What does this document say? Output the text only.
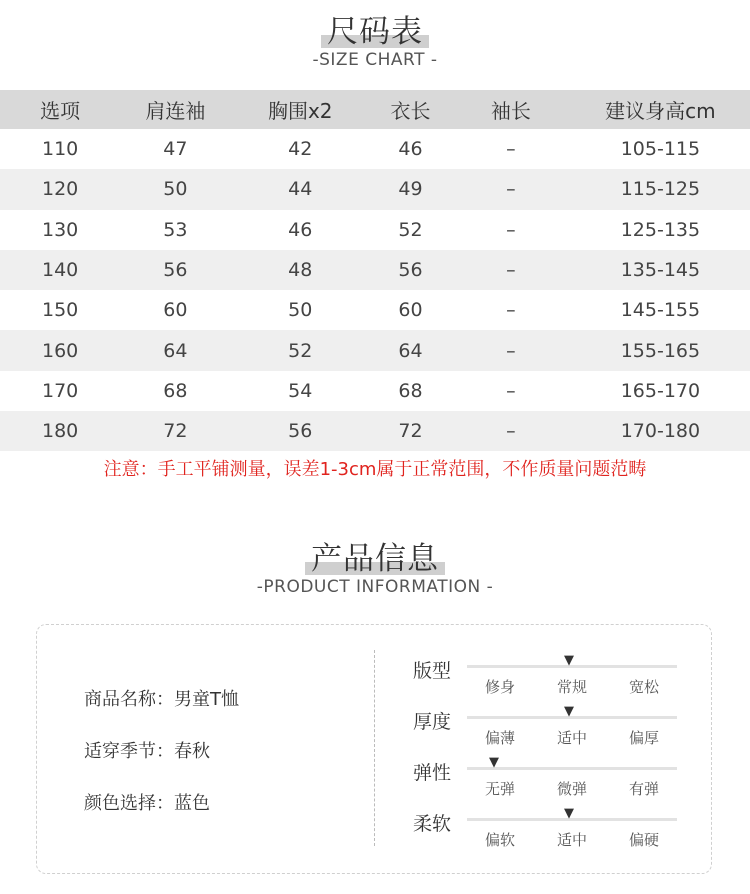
尺码表
-SIZE CHART -
选项	肩连袖	胸围x2	衣长	袖长	建议身高cm
110	47	42	46	–	105-115
120	50	44	49	–	115-125
130	53	46	52	–	125-135
140	56	48	56	–	135-145
150	60	50	60	–	145-155
160	64	52	64	–	155-165
170	68	54	68	–	165-170
180	72	56	72	–	170-180
注意：手工平铺测量，误差1-3cm属于正常范围，不作质量问题范畴
产品信息
-PRODUCT INFORMATION -
商品名称：男童T恤
适穿季节：春秋
颜色选择：蓝色
版型	▼
修身	常规	宽松
厚度	▼
偏薄	适中	偏厚
弹性	▼
无弹	微弹	有弹
柔软	▼
偏软	适中	偏硬
